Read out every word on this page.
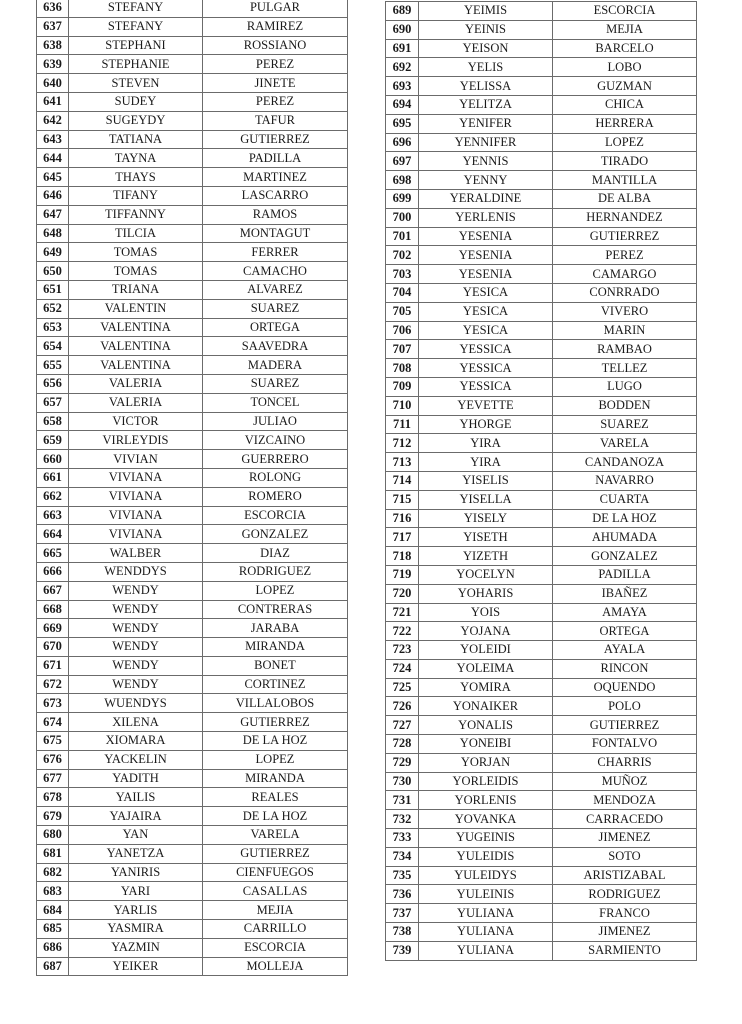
636	STEFANY	PULGAR
637	STEFANY	RAMIREZ
638	STEPHANI	ROSSIANO
639	STEPHANIE	PEREZ
640	STEVEN	JINETE
641	SUDEY	PEREZ
642	SUGEYDY	TAFUR
643	TATIANA	GUTIERREZ
644	TAYNA	PADILLA
645	THAYS	MARTINEZ
646	TIFANY	LASCARRO
647	TIFFANNY	RAMOS
648	TILCIA	MONTAGUT
649	TOMAS	FERRER
650	TOMAS	CAMACHO
651	TRIANA	ALVAREZ
652	VALENTIN	SUAREZ
653	VALENTINA	ORTEGA
654	VALENTINA	SAAVEDRA
655	VALENTINA	MADERA
656	VALERIA	SUAREZ
657	VALERIA	TONCEL
658	VICTOR	JULIAO
659	VIRLEYDIS	VIZCAINO
660	VIVIAN	GUERRERO
661	VIVIANA	ROLONG
662	VIVIANA	ROMERO
663	VIVIANA	ESCORCIA
664	VIVIANA	GONZALEZ
665	WALBER	DIAZ
666	WENDDYS	RODRIGUEZ
667	WENDY	LOPEZ
668	WENDY	CONTRERAS
669	WENDY	JARABA
670	WENDY	MIRANDA
671	WENDY	BONET
672	WENDY	CORTINEZ
673	WUENDYS	VILLALOBOS
674	XILENA	GUTIERREZ
675	XIOMARA	DE LA HOZ
676	YACKELIN	LOPEZ
677	YADITH	MIRANDA
678	YAILIS	REALES
679	YAJAIRA	DE LA HOZ
680	YAN	VARELA
681	YANETZA	GUTIERREZ
682	YANIRIS	CIENFUEGOS
683	YARI	CASALLAS
684	YARLIS	MEJIA
685	YASMIRA	CARRILLO
686	YAZMIN	ESCORCIA
687	YEIKER	MOLLEJA
689	YEIMIS	ESCORCIA
690	YEINIS	MEJIA
691	YEISON	BARCELO
692	YELIS	LOBO
693	YELISSA	GUZMAN
694	YELITZA	CHICA
695	YENIFER	HERRERA
696	YENNIFER	LOPEZ
697	YENNIS	TIRADO
698	YENNY	MANTILLA
699	YERALDINE	DE ALBA
700	YERLENIS	HERNANDEZ
701	YESENIA	GUTIERREZ
702	YESENIA	PEREZ
703	YESENIA	CAMARGO
704	YESICA	CONRRADO
705	YESICA	VIVERO
706	YESICA	MARIN
707	YESSICA	RAMBAO
708	YESSICA	TELLEZ
709	YESSICA	LUGO
710	YEVETTE	BODDEN
711	YHORGE	SUAREZ
712	YIRA	VARELA
713	YIRA	CANDANOZA
714	YISELIS	NAVARRO
715	YISELLA	CUARTA
716	YISELY	DE LA HOZ
717	YISETH	AHUMADA
718	YIZETH	GONZALEZ
719	YOCELYN	PADILLA
720	YOHARIS	IBAÑEZ
721	YOIS	AMAYA
722	YOJANA	ORTEGA
723	YOLEIDI	AYALA
724	YOLEIMA	RINCON
725	YOMIRA	OQUENDO
726	YONAIKER	POLO
727	YONALIS	GUTIERREZ
728	YONEIBI	FONTALVO
729	YORJAN	CHARRIS
730	YORLEIDIS	MUÑOZ
731	YORLENIS	MENDOZA
732	YOVANKA	CARRACEDO
733	YUGEINIS	JIMENEZ
734	YULEIDIS	SOTO
735	YULEIDYS	ARISTIZABAL
736	YULEINIS	RODRIGUEZ
737	YULIANA	FRANCO
738	YULIANA	JIMENEZ
739	YULIANA	SARMIENTO
